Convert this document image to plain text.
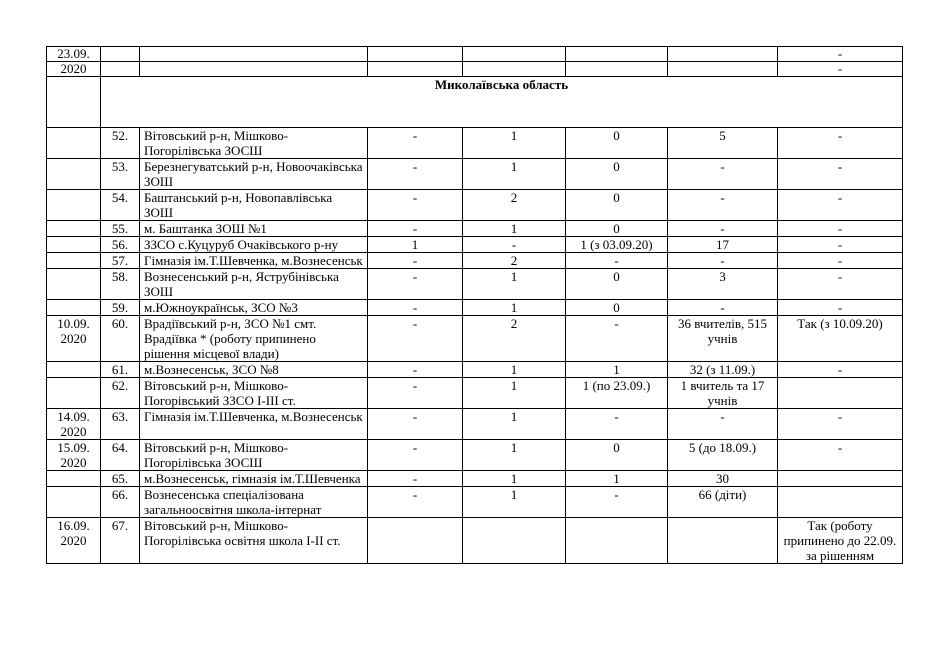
23.09.							-
2020							-
	Миколаївська область						
	52.	Вітовський р-н, Мішково-Погорілівська ЗОСШ	-	1	0	5	-
	53.	Березнегуватський р-н, Новоочаківська ЗОШ	-	1	0	-	-
	54.	Баштанський р-н, Новопавлівська ЗОШ	-	2	0	-	-
	55.	м. Баштанка ЗОШ №1	-	1	0	-	-
	56.	ЗЗСО с.Куцуруб Очаківського р-ну	1	-	1 (з 03.09.20)	17	-
	57.	Гімназія ім.Т.Шевченка, м.Вознесенськ	-	2	-	-	-
	58.	Вознесенський р-н, Яструбінівська ЗОШ	-	1	0	3	-
	59.	м.Южноукраїнськ, ЗСО №3	-	1	0	-	-
10.09. 2020	60.	Врадіївський р-н, ЗСО №1 смт. Врадіївка * (роботу припинено рішення місцевої влади)	-	2	-	36 вчителів, 515 учнів	Так (з 10.09.20)
	61.	м.Вознесенськ, ЗСО №8	-	1	1	32 (з 11.09.)	-
	62.	Вітовський р-н, Мішково-Погорівський ЗЗСО І-ІІІ ст.	-	1	1 (по 23.09.)	1 вчитель та 17 учнів	
14.09. 2020	63.	Гімназія ім.Т.Шевченка, м.Вознесенськ	-	1	-	-	-
15.09. 2020	64.	Вітовський р-н, Мішково-Погорілівська ЗОСШ	-	1	0	5 (до 18.09.)	-
	65.	м.Вознесенськ, гімназія ім.Т.Шевченка	-	1	1	30	
	66.	Вознесенська спеціалізована загальноосвітня школа-інтернат	-	1	-	66 (діти)	
16.09. 2020	67.	Вітовський р-н, Мішково-Погорілівська освітня школа І-ІІ ст.					Так (роботу припинено до 22.09. за рішенням
